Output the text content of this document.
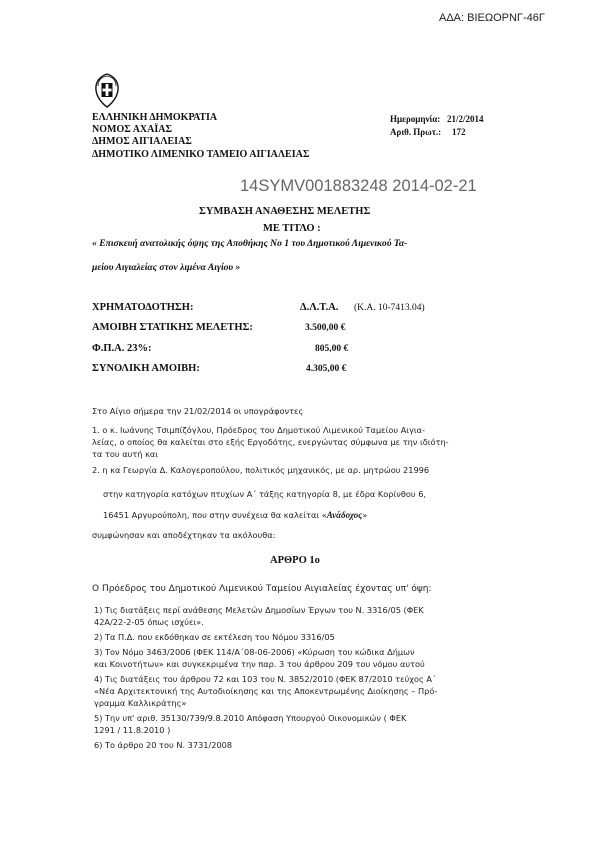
ΑΔΑ: ΒΙΕΩΟΡΝΓ-46Γ
ΕΛΛΗΝΙΚΗ ΔΗΜΟΚΡΑΤΙΑ
ΝΟΜΟΣ ΑΧΑΪΑΣ
ΔΗΜΟΣ ΑΙΓΙΑΛΕΙΑΣ
ΔΗΜΟΤΙΚΟ ΛΙΜΕΝΙΚΟ ΤΑΜΕΙΟ ΑΙΓΙΑΛΕΙΑΣ
Ημερομηνία: 21/2/2014
Αριθ. Πρωτ.: 172
14SYMV001883248 2014-02-21
ΣΥΜΒΑΣΗ ΑΝΑΘΕΣΗΣ ΜΕΛΕΤΗΣ
ΜΕ ΤΙΤΛΟ :
« Επισκευή ανατολικής όψης της Αποθήκης Νο 1 του Δημοτικού Λιμενικού Τα-
μείου Αιγιαλείας στον λιμένα Αιγίου »
ΧΡΗΜΑΤΟΔΟΤΗΣΗ:	Δ.Λ.Τ.Α. (Κ.Α. 10-7413.04)
ΑΜΟΙΒΗ ΣΤΑΤΙΚΗΣ ΜΕΛΕΤΗΣ:	3.500,00 €
Φ.Π.Α. 23%:	805,00 €
ΣΥΝΟΛΙΚΗ ΑΜΟΙΒΗ:	4.305,00 €
Στο Αίγιο σήμερα την 21/02/2014 οι υπογράφοντες
1. ο κ. Ιωάννης Τσιμπίζόγλου, Πρόεδρος του Δημοτικού Λιμενικού Ταμείου Αιγια-
λείας, ο οποίος θα καλείται στο εξής Εργοδότης, ενεργώντας σύμφωνα με την ιδιότη-
τα του αυτή και
2. η κα Γεωργία Δ. Καλογεροπούλου, πολιτικός μηχανικός, με αρ. μητρώου 21996
στην κατηγορία κατόχων πτυχίων Α΄ τάξης κατηγορία 8, με έδρα Κορίνθου 6,
16451 Αργυρούπολη, που στην συνέχεια θα καλείται «Ανάδοχος»
συμφώνησαν και αποδέχτηκαν τα ακόλουθα:
ΑΡΘΡΟ 1ο
Ο Πρόεδρος του Δημοτικού Λιμενικού Ταμείου Αιγιαλείας έχοντας υπ' όψη:
1) Τις διατάξεις περί ανάθεσης Μελετών Δημοσίων Έργων του Ν. 3316/05 (ΦΕΚ
42Α/22-2-05 όπως ισχύει».
2) Τα Π.Δ. που εκδόθηκαν σε εκτέλεση του Νόμου 3316/05
3) Τον Νόμο 3463/2006 (ΦΕΚ 114/Α΄08-06-2006) «Κύρωση του κώδικα Δήμων
και Κοινοτήτων» και συγκεκριμένα την παρ. 3 του άρθρου 209 του νόμου αυτού
4) Τις διατάξεις του άρθρου 72 και 103 του Ν. 3852/2010 (ΦΕΚ 87/2010 τεύχος Α΄
«Νέα Αρχιτεκτονική της Αυτοδιοίκησης και της Αποκεντρωμένης Διοίκησης – Πρό-
γραμμα Καλλικράτης»
5) Την υπ' αριθ. 35130/739/9.8.2010 Απόφαση Υπουργού Οικονομικών ( ΦΕΚ
1291 / 11.8.2010 )
6) Το άρθρο 20 του Ν. 3731/2008
